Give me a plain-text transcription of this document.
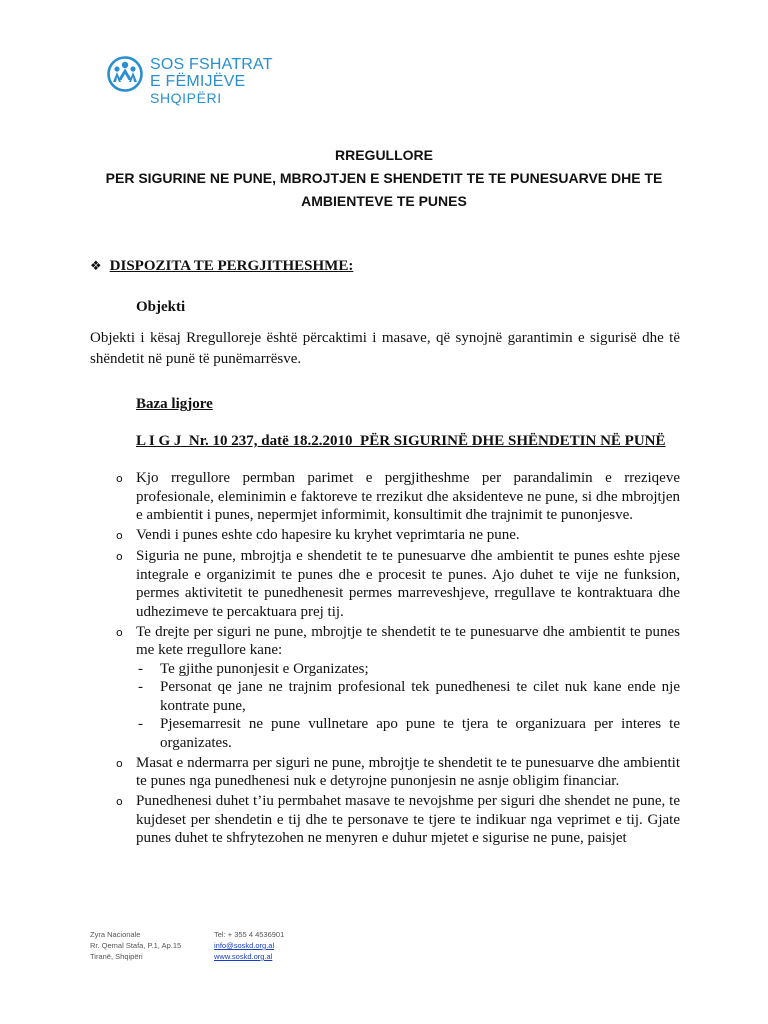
SOS FSHATRAT
E FËMIJËVE
SHQIPËRI
RREGULLORE
PER SIGURINE NE PUNE, MBROJTJEN E SHENDETIT TE TE PUNESUARVE DHE TE
AMBIENTEVE TE PUNES
❖ DISPOZITA TE PERGJITHESHME:
Objekti
Objekti i kësaj Rregulloreje është përcaktimi i masave, që synojnë garantimin e sigurisë dhe të shëndetit në punë të punëmarrësve.
Baza ligjore
L I G J  Nr. 10 237, datë 18.2.2010  PËR SIGURINË DHE SHËNDETIN NË PUNË
o Kjo rregullore permban parimet e pergjitheshme per parandalimin e rreziqeve profesionale, eleminimin e faktoreve te rrezikut dhe aksidenteve ne pune, si dhe mbrojtjen e ambientit i punes, nepermjet informimit, konsultimit dhe trajnimit te punonjesve.
o Vendi i punes eshte cdo hapesire ku kryhet veprimtaria ne pune.
o Siguria ne pune, mbrojtja e shendetit te te punesuarve dhe ambientit te punes eshte pjese integrale e organizimit te punes dhe e procesit te punes. Ajo duhet te vije ne funksion, permes aktivitetit te punedhenesit permes marreveshjeve, rregullave te kontraktuara dhe udhezimeve te percaktuara prej tij.
o Te drejte per siguri ne pune, mbrojtje te shendetit te te punesuarve dhe ambientit te punes me kete rregullore kane:
-	Te gjithe punonjesit e Organizates;
-	Personat qe jane ne trajnim profesional tek punedhenesi te cilet nuk kane ende nje kontrate pune,
-	Pjesemarresit ne pune vullnetare apo pune te tjera te organizuara per interes te organizates.
o Masat e ndermarra per siguri ne pune, mbrojtje te shendetit te te punesuarve dhe ambientit te punes nga punedhenesi nuk e detyrojne punonjesin ne asnje obligim financiar.
o Punedhenesi duhet t’iu permbahet masave te nevojshme per siguri dhe shendet ne pune, te kujdeset per shendetin e tij dhe te personave te tjere te indikuar nga veprimet e tij. Gjate punes duhet te shfrytezohen ne menyren e duhur mjetet e sigurise ne pune, paisjet
Zyra Nacionale
Rr. Qemal Stafa, P.1, Ap.15
Tiranë, Shqipëri
Tel: + 355 4 4536901
info@soskd.org.al
www.soskd.org.al
